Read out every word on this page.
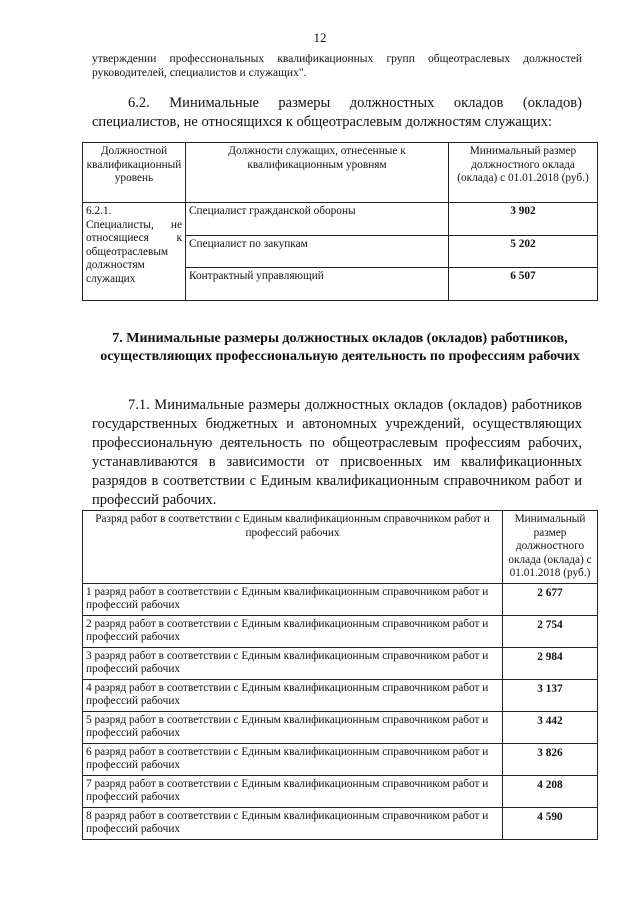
12
утверждении профессиональных квалификационных групп общеотраслевых должностей руководителей, специалистов и служащих".
6.2. Минимальные размеры должностных окладов (окладов) специалистов, не относящихся к общеотраслевым должностям служащих:
Должностной квалификационный уровень	Должности служащих, отнесенные к квалификационным уровням	Минимальный размер должностного оклада (оклада) с 01.01.2018 (руб.)
6.2.1. Специалисты, не относящиеся к общеотраслевым должностям служащих	Специалист гражданской обороны	3 902
	Специалист по закупкам	5 202
	Контрактный управляющий	6 507
7. Минимальные размеры должностных окладов (окладов) работников, осуществляющих профессиональную деятельность по профессиям рабочих
7.1. Минимальные размеры должностных окладов (окладов) работников государственных бюджетных и автономных учреждений, осуществляющих профессиональную деятельность по общеотраслевым профессиям рабочих, устанавливаются в зависимости от присвоенных им квалификационных разрядов в соответствии с Единым квалификационным справочником работ и профессий рабочих.
Разряд работ в соответствии с Единым квалификационным справочником работ и профессий рабочих	Минимальный размер должностного оклада (оклада) с 01.01.2018 (руб.)
1 разряд работ в соответствии с Единым квалификационным справочником работ и профессий рабочих	2 677
2 разряд работ в соответствии с Единым квалификационным справочником работ и профессий рабочих	2 754
3 разряд работ в соответствии с Единым квалификационным справочником работ и профессий рабочих	2 984
4 разряд работ в соответствии с Единым квалификационным справочником работ и профессий рабочих	3 137
5 разряд работ в соответствии с Единым квалификационным справочником работ и профессий рабочих	3 442
6 разряд работ в соответствии с Единым квалификационным справочником работ и профессий рабочих	3 826
7 разряд работ в соответствии с Единым квалификационным справочником работ и профессий рабочих	4 208
8 разряд работ в соответствии с Единым квалификационным справочником работ и профессий рабочих	4 590
